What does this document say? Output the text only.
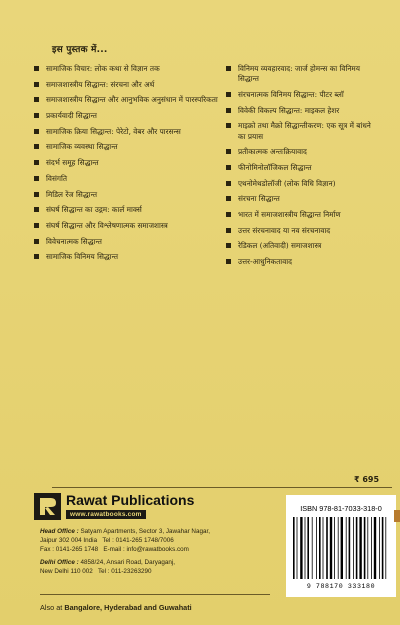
इस पुस्तक में...
सामाजिक विचार: लोक कथा से विज्ञान तक
समाजशास्त्रीय सिद्धान्त: संरचना और अर्थ
समाजशास्त्रीय सिद्धान्त और आनुभविक अनुसंधान में पारस्परिकता
प्रकार्यवादी सिद्धान्त
सामाजिक क्रिया सिद्धान्त: पेरेटो, वेबर और पारसन्स
सामाजिक व्यवस्था सिद्धान्त
संदर्भ समूह सिद्धान्त
विसंगति
मिडिल रेंज सिद्धान्त
संघर्ष सिद्धान्त का उद्गम: कार्ल मार्क्स
संघर्ष सिद्धान्त और विश्लेषणात्मक समाजशास्त्र
विवेचनात्मक सिद्धान्त
सामाजिक विनिमय सिद्धान्त
विनिमय व्यवहारवाद: जार्ज होमन्स का विनिमय सिद्धान्त
संरचनात्मक विनिमय सिद्धान्त: पीटर ब्लॉ
विवेकी विकल्प सिद्धान्त: माइकल हेशर
माइक्रो तथा मैक्रो सिद्धान्तीकरण: एक सूत्र में बांधने का प्रयास
प्रतीकात्मक अन्तःक्रियावाद
फीनोमिनोलॉजिकल सिद्धान्त
एथनोमेथडोलॉजी (लोक विधि विज्ञान)
संरचना सिद्धान्त
भारत में समाजशास्त्रीय सिद्धान्त निर्माण
उत्तर संरचनावाद या नव संरचनावाद
रेडिकल (अतिवादी) समाजशास्त्र
उत्तर-आधुनिकतावाद
₹ 695
Rawat Publications
www.rawatbooks.com
Head Office : Satyam Apartments, Sector 3, Jawahar Nagar,
Jaipur 302 004 India Tel : 0141-265 1748/7006
Fax : 0141-265 1748 E-mail : info@rawatbooks.com
Delhi Office : 4858/24, Ansari Road, Daryaganj,
New Delhi 110 002 Tel : 011-23263290
Also at Bangalore, Hyderabad and Guwahati
ISBN 978-81-7033-318-0
9 788170 333180
